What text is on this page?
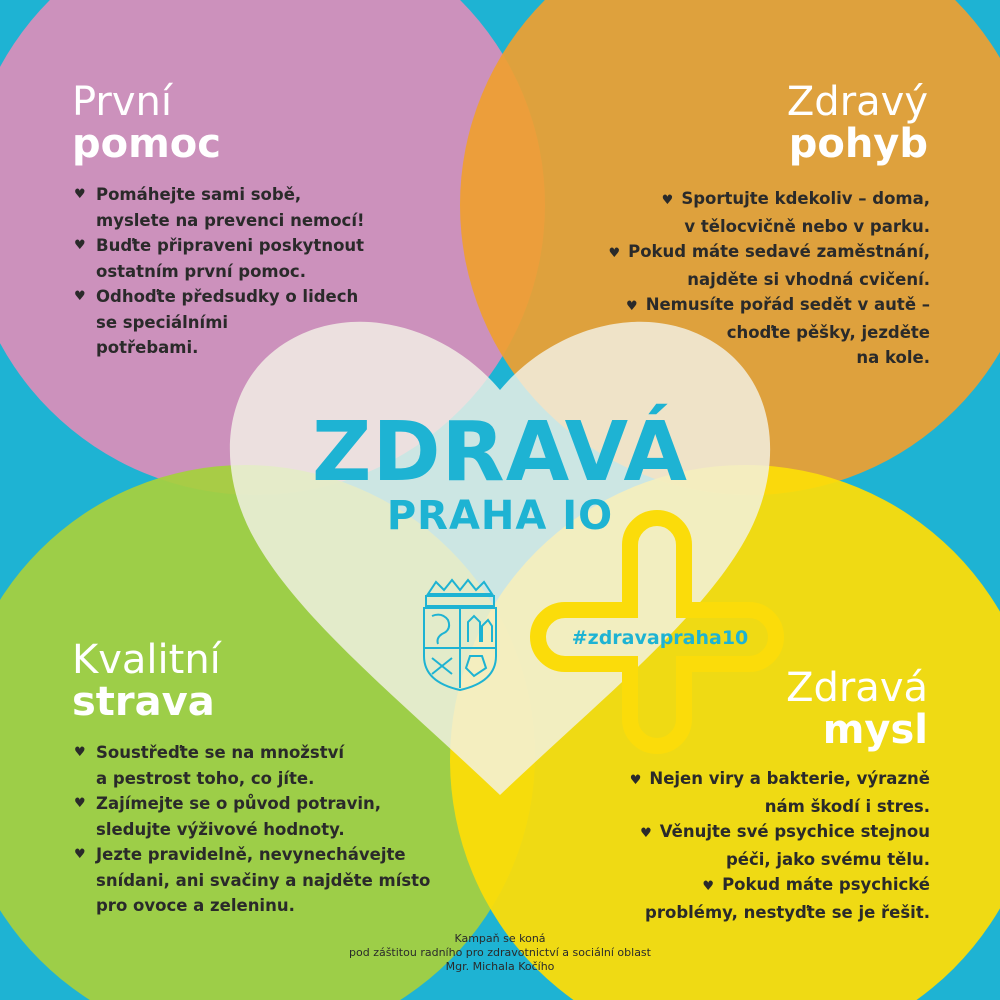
První
pomoc
♥ Pomáhejte sami sobě,
myslete na prevenci nemocí!
♥ Buďte připraveni poskytnout
ostatním první pomoc.
♥ Odhoďte předsudky o lidech
se speciálními
potřebami.
Zdravý
pohyb
♥ Sportujte kdekoliv – doma,
v tělocvičně nebo v parku.
♥ Pokud máte sedavé zaměstnání,
najděte si vhodná cvičení.
♥ Nemusíte pořád sedět v autě –
choďte pěšky, jezděte
na kole.
ZDRAVÁ
PRAHA IO
#zdravapraha10
Kvalitní
strava
♥ Soustřeďte se na množství
a pestrost toho, co jíte.
♥ Zajímejte se o původ potravin,
sledujte výživové hodnoty.
♥ Jezte pravidelně, nevynechávejte
snídani, ani svačiny a najděte místo
pro ovoce a zeleninu.
Zdravá
mysl
♥ Nejen viry a bakterie, výrazně
nám škodí i stres.
♥ Věnujte své psychice stejnou
péči, jako svému tělu.
♥ Pokud máte psychické
problémy, nestyďte se je řešit.
Kampaň se koná
pod záštitou radního pro zdravotnictví a sociální oblast
Mgr. Michala Kočího
